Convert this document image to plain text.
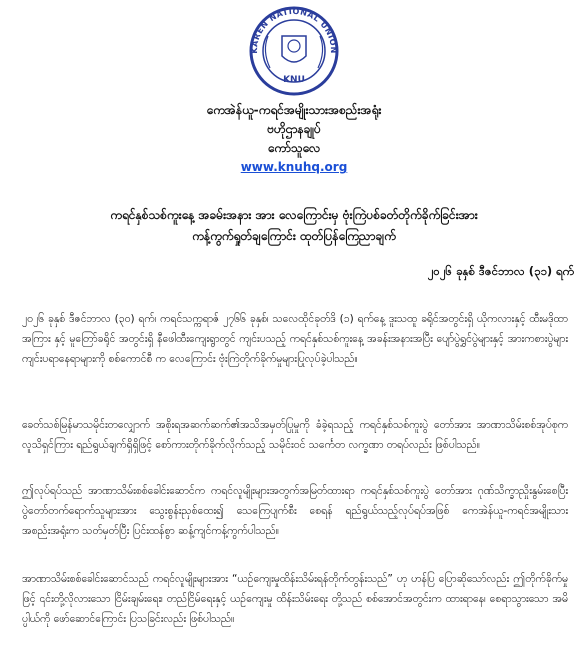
KAREN NATIONAL UNION
KNU
ကေအဲန်ယူ-ကရင်အမျိုးသားအစည်းအရုံး
ဗဟိုဌာနချုပ်
ကော်သူလေ
www.knuhq.org
ကရင်နှစ်သစ်ကူးနေ့ အခမ်းအနား အား လေကြောင်းမှ ဗုံးကြဲပစ်ခတ်တိုက်ခိုက်ခြင်းအား
ကန့်ကွက်ရှုတ်ချကြောင်း ထုတ်ပြန်ကြေညာချက်
၂၀၂၆ ခုနှစ် ဒီဇင်ဘာလ (၃၁) ရက်

၂၀၂၆ ခုနှစ် ဒီဇင်ဘာလ (၃၀) ရက်၊ ကရင်သက္ကရာဇ် ၂၇၆၆ ခုနှစ်၊ သလေထိုင်ခုတ်ဒိ (၁) ရက်နေ့ ဒူးသထူ ခရိုင်အတွင်းရှိ ယိုကလားနှင့် ထီးမဒိုထာအကြား နှင့် မူတြော်ခရိုင် အတွင်းရှိ နီဖေါထီးကျေးရွာတွင် ကျင်းပသည့် ကရင်နှစ်သစ်ကူးနေ့ အခန်းအနားအပြီး ပျော်ပွဲရွှင်ပွဲများနှင့် အားကစားပွဲများကျင်းပရာနေရာများကို စစ်ကောင်စီ က လေကြောင်း ဗုံးကြဲတိုက်ခိုက်မှုများပြုလုပ်ခဲ့ပါသည်။

ခေတ်သစ်မြန်မာသမိုင်းတလျှောက် အစိုးရအဆက်ဆက်၏အသိအမှတ်ပြုမှုကို ခံခဲ့ရသည့် ကရင်နှစ်သစ်ကူးပွဲ တော်အား အာဏာသိမ်းစစ်အုပ်စုက လူသိရှင်ကြား ရည်ရွယ်ချက်ရှိရှိဖြင့် စော်ကားတိုက်ခိုက်လိုက်သည့် သမိုင်းဝင် သင်္ကေတ လက္ခဏာ တရပ်လည်း ဖြစ်ပါသည်။

ဤလုပ်ရပ်သည် အာဏာသိမ်းစစ်ခေါင်းဆောင်က ကရင်လူမျိုးများအတွက်အမြတ်ထားရာ ကရင်နှစ်သစ်ကူးပွဲ တော်အား ဂုဏ်သိက္ခာညှိုးနွမ်းစေပြီး ပွဲတော်တက်ရောက်သူများအား သွေးစွန်းညှစ်ထေး၍ သေကြေပျက်စီး စေရန် ရည်ရွယ်သည့်လုပ်ရပ်အဖြစ် ကေအဲန်ယူ-ကရင်အမျိုးသား အစည်းအရုံးက သတ်မှတ်ပြီး ပြင်းထန်စွာ ဆန့်ကျင်ကန့်ကွက်ပါသည်။

အာဏာသိမ်းစစ်ခေါင်းဆောင်သည် ကရင်လူမျိုးများအား “ယဉ်ကျေးမှုထိန်းသိမ်းရန်တိုက်တွန်းသည်” ဟု ဟန်ပြ ပြောဆိုသော်လည်း ဤတိုက်ခိုက်မှုဖြင့် ၎င်းတို့လိုလားသော ငြိမ်းချမ်းရေး၊ တည်ငြိမ်ရေးနှင့် ယဉ်ကျေးမှု ထိန်းသိမ်းရေး တို့သည် စစ်အောင်အတွင်းက ထားရာနေ၊ စေရာသွားသော အမိပ္ပါယ်ကို ဖော်ဆောင်ကြောင်း ပြသခြင်းလည်း ဖြစ်ပါသည်။
